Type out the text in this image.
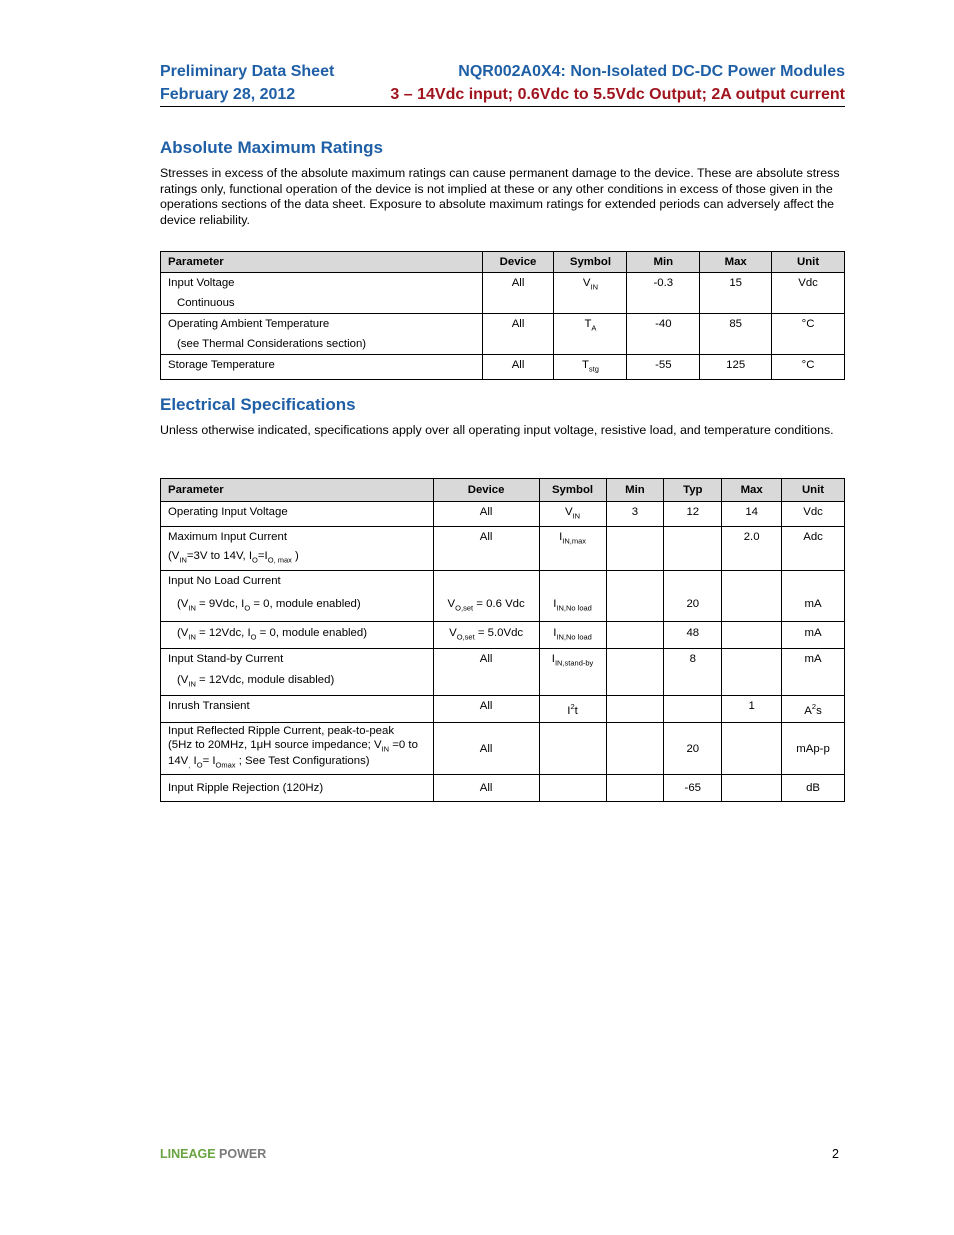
Preliminary Data Sheet
February 28, 2012
NQR002A0X4: Non-Isolated DC-DC Power Modules
3 – 14Vdc input; 0.6Vdc to 5.5Vdc Output; 2A output current
Absolute Maximum Ratings

Stresses in excess of the absolute maximum ratings can cause permanent damage to the device. These are absolute stress ratings only, functional operation of the device is not implied at these or any other conditions in excess of those given in the operations sections of the data sheet. Exposure to absolute maximum ratings for extended periods can adversely affect the device reliability.

Parameter	Device	Symbol	Min	Max	Unit

Input Voltage
Continuous	All	$V_{IN}$	-0.3	15	Vdc

Operating Ambient Temperature
(see Thermal Considerations section)	All	$T_A$	-40	85	°C

Storage Temperature	All	$T_{stg}$	-55	125	°C
Electrical Specifications

Unless otherwise indicated, specifications apply over all operating input voltage, resistive load, and temperature conditions.

Parameter	Device	Symbol	Min	Typ	Max	Unit

Operating Input Voltage	All	$V_{IN}$	3	12	14	Vdc

Maximum Input Current
($V_{IN}=3V$ to 14V, $I_O=I_{O, max}$ )	All	$I_{IN,max}$			2.0	Adc

Input No Load Current
($V_{IN} = 9Vdc$, $I_O = 0$, module enabled)	$V_{O,set} = 0.6$ Vdc	$I_{IN,No load}$		20		mA

($V_{IN} = 12Vdc$, $I_O = 0$, module enabled)	$V_{O,set} = 5.0Vdc$	$I_{IN,No load}$		48		mA

Input Stand-by Current
($V_{IN} = 12Vdc$, module disabled)	All	$I_{IN,stand-by}$		8		mA

Inrush Transient	All	$I^2t$			1	$A^2s$

Input Reflected Ripple Current, peak-to-peak
(5Hz to 20MHz, 1μH source impedance; $V_{IN} =0$ to
$14V_,$ $I_O= I_{Omax}$ ; See Test Configurations)	All			20		mAp-p
Input Ripple Rejection (120Hz)	All			-65		dB
LINEAGE POWER	2
